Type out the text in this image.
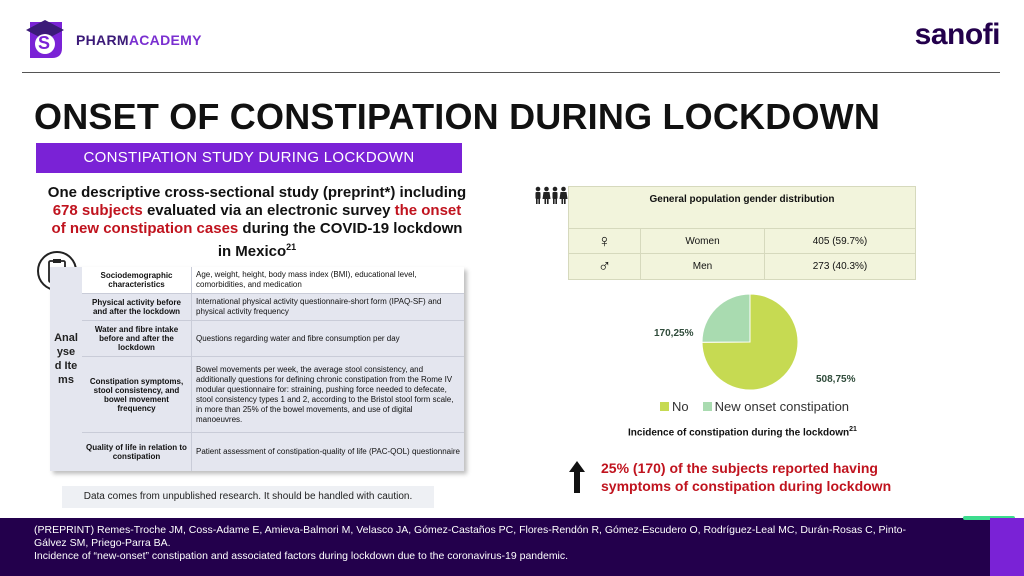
S PHARMACADEMY	sanofi
ONSET OF CONSTIPATION DURING LOCKDOWN
CONSTIPATION STUDY DURING LOCKDOWN
One descriptive cross-sectional study (preprint*) including 678 subjects evaluated via an electronic survey the onset of new constipation cases during the COVID-19 lockdown in Mexico$^{21}$
Analysed Items
Sociodemographic characteristics
Age, weight, height, body mass index (BMI), educational level, comorbidities, and medication
Physical activity before and after the lockdown
International physical activity questionnaire-short form (IPAQ-SF) and physical activity frequency
Water and fibre intake before and after the lockdown
Questions regarding water and fibre consumption per day
Constipation symptoms, stool consistency, and bowel movement frequency
Bowel movements per week, the average stool consistency, and additionally questions for defining chronic constipation from the Rome IV modular questionnaire for: straining, pushing force needed to defecate, stool consistency types 1 and 2, according to the Bristol stool form scale, in more than 25% of the bowel movements, and use of digital manoeuvres.
Quality of life in relation to constipation
Patient assessment of constipation-quality of life (PAC-QOL) questionnaire
Data comes from unpublished research. It should be handled with caution.
General population gender distribution
♀	Women	405 (59.7%)
♂	Men	273 (40.3%)
170,25%
508,75%
No	New onset constipation
Incidence of constipation during the lockdown$^{21}$
25% (170) of the subjects reported having symptoms of constipation during lockdown
(PREPRINT) Remes-Troche JM, Coss-Adame E, Amieva-Balmori M, Velasco JA, Gómez-Castaños PC, Flores-Rendón R, Gómez-Escudero O, Rodríguez-Leal MC, Durán-Rosas C, Pinto-Gálvez SM, Priego-Parra BA.
Incidence of “new-onset” constipation and associated factors during lockdown due to the coronavirus-19 pandemic.
